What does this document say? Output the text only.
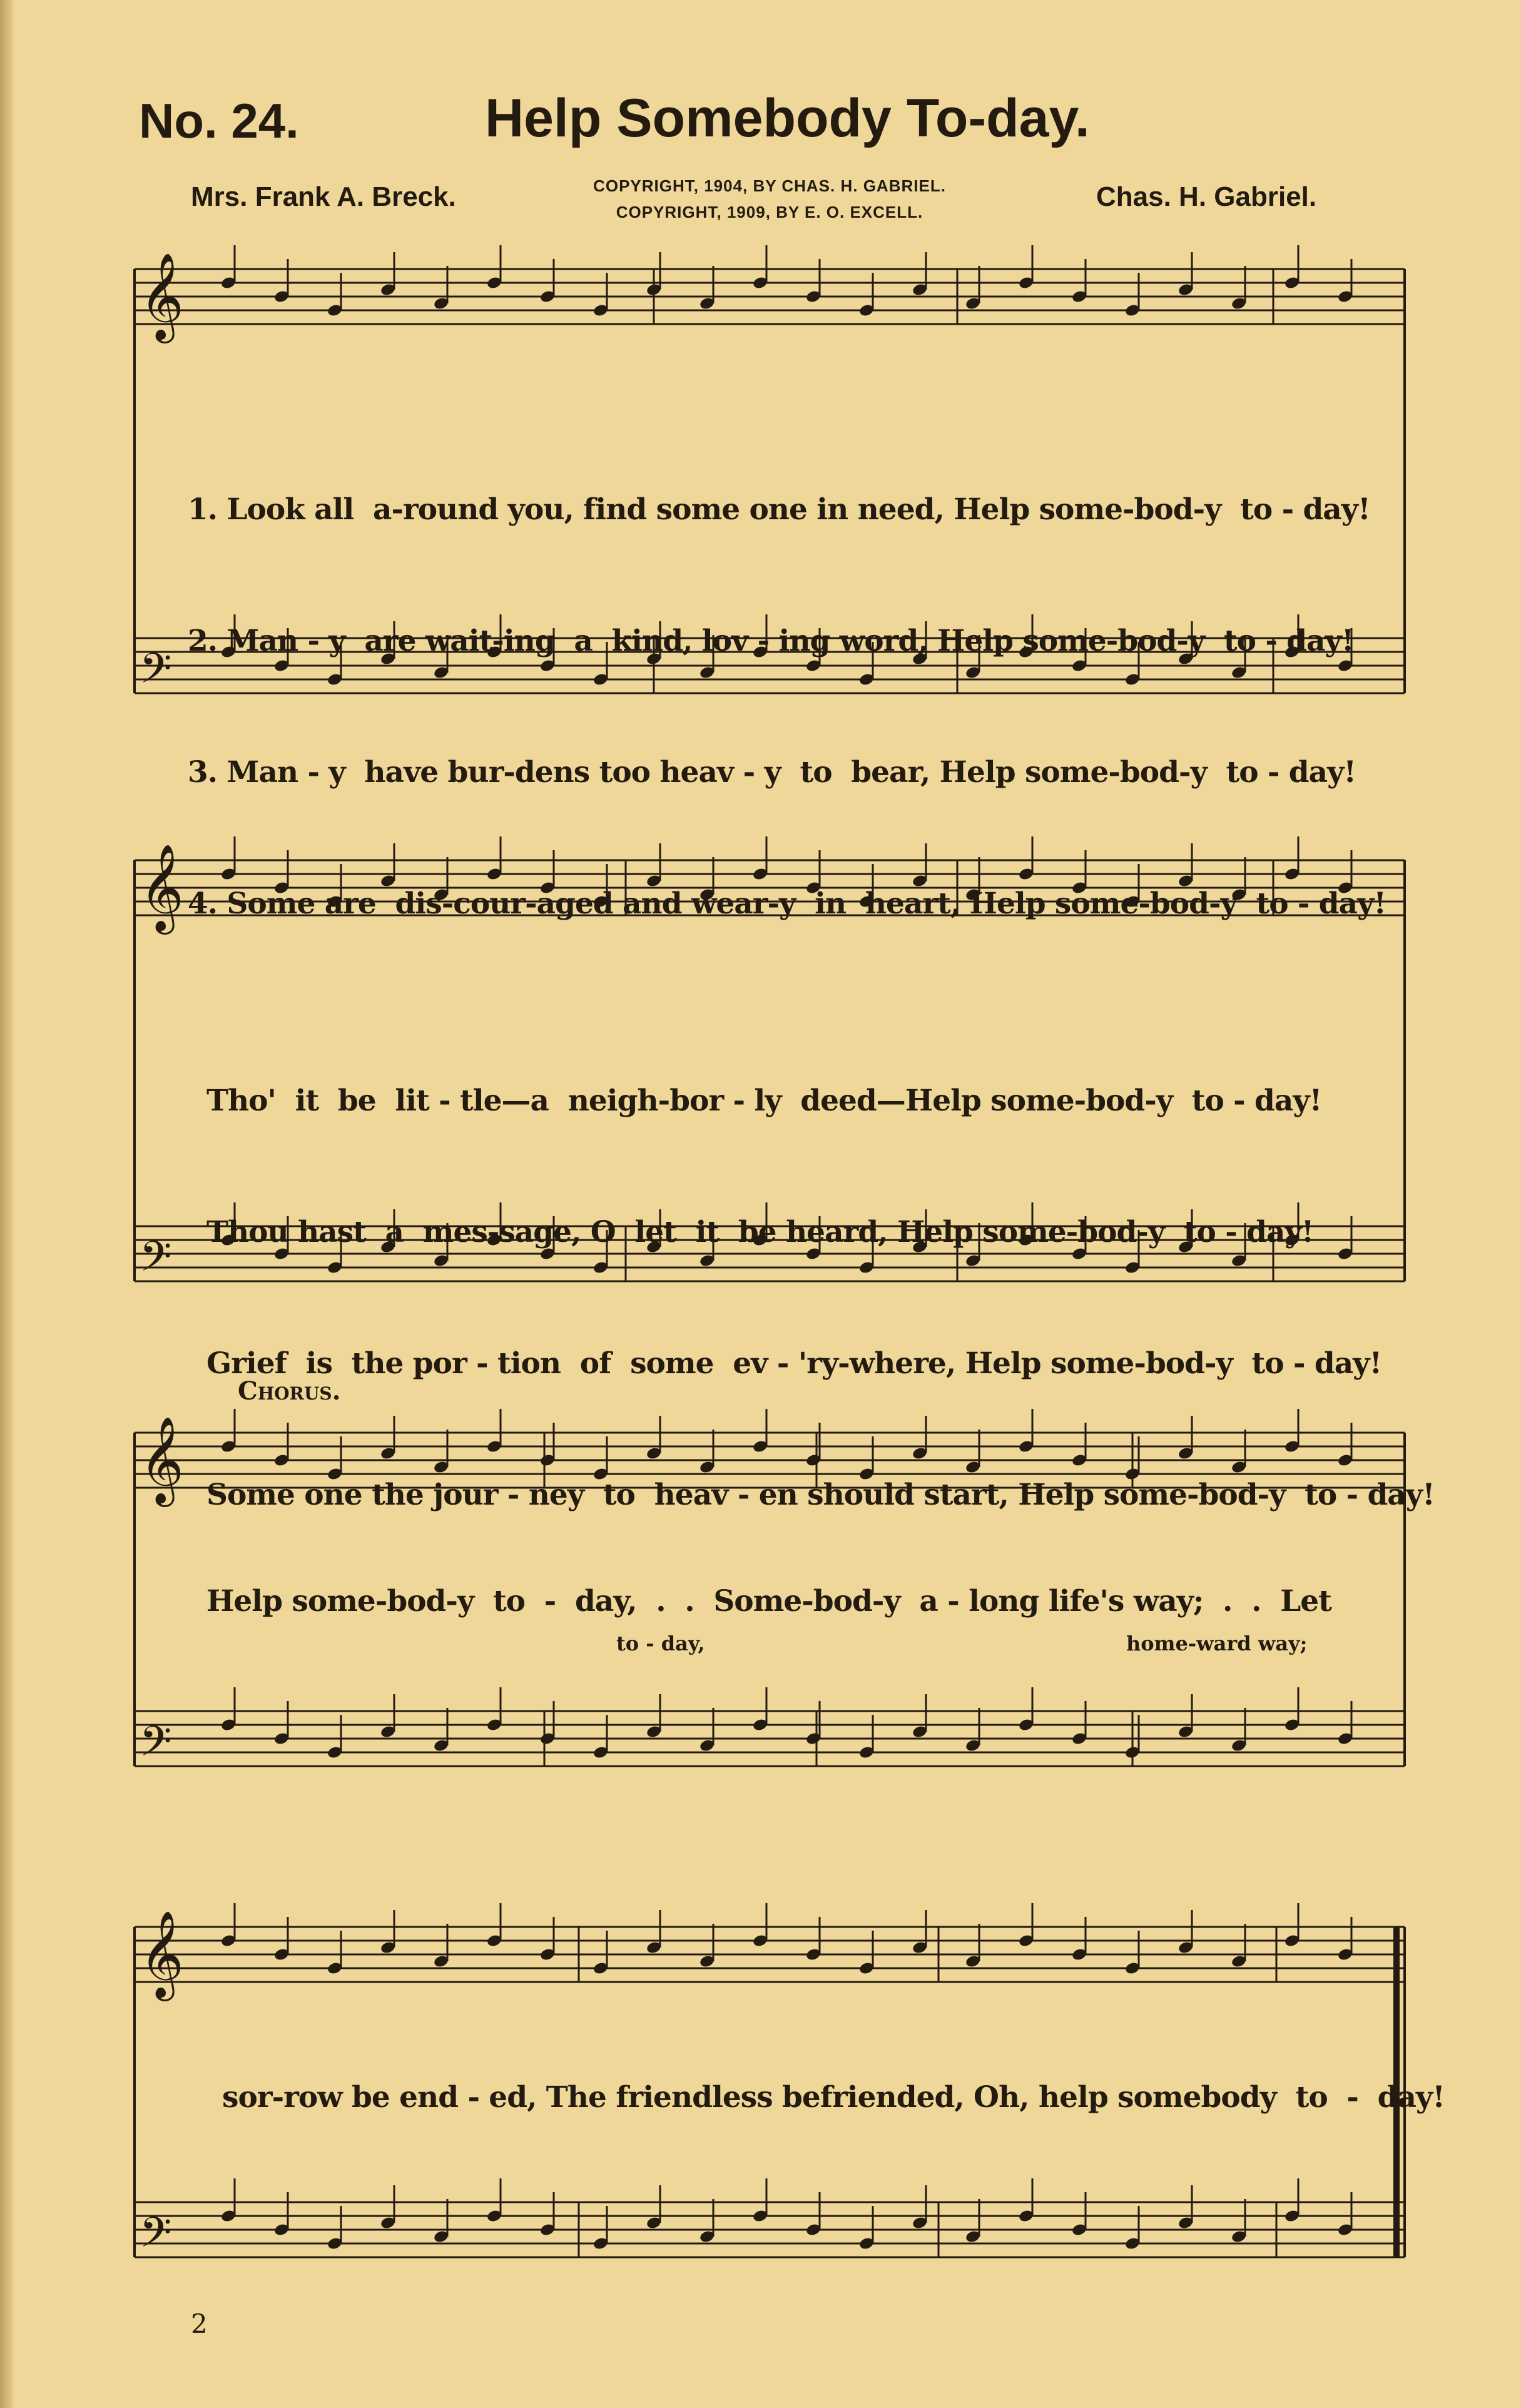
No. 24.	Help Somebody To-day.
Mrs. Frank A. Breck.	COPYRIGHT, 1904, BY CHAS. H. GABRIEL.
COPYRIGHT, 1909, BY E. O. EXCELL.	Chas. H. Gabriel.
𝄞
𝄢
𝄞
𝄢
𝄞
𝄢
𝄞
𝄢

1. Look all  a-round you, find some one in need, Help some-bod-y  to - day!

2. Man - y  are wait-ing  a  kind, lov - ing word, Help some-bod-y  to - day!

3. Man - y  have bur-dens too heav - y  to  bear, Help some-bod-y  to - day!

4. Some are  dis-cour-aged and wear-y  in  heart, Help some-bod-y  to - day!

Tho'  it  be  lit - tle—a  neigh-bor - ly  deed—Help some-bod-y  to - day!

Thou hast  a  mes-sage, O  let  it  be heard, Help some-bod-y  to - day!

Grief  is  the por - tion  of  some  ev - 'ry-where, Help some-bod-y  to - day!

Some one the jour - ney  to  heav - en should start, Help some-bod-y  to - day!

Chorus.
Help some-bod-y  to  -  day,  .  .  Some-bod-y  a - long life's way;  .  .  Let
to - day,	home-ward way;
sor-row be end - ed, The friendless befriended, Oh, help somebody  to  -  day!
2
